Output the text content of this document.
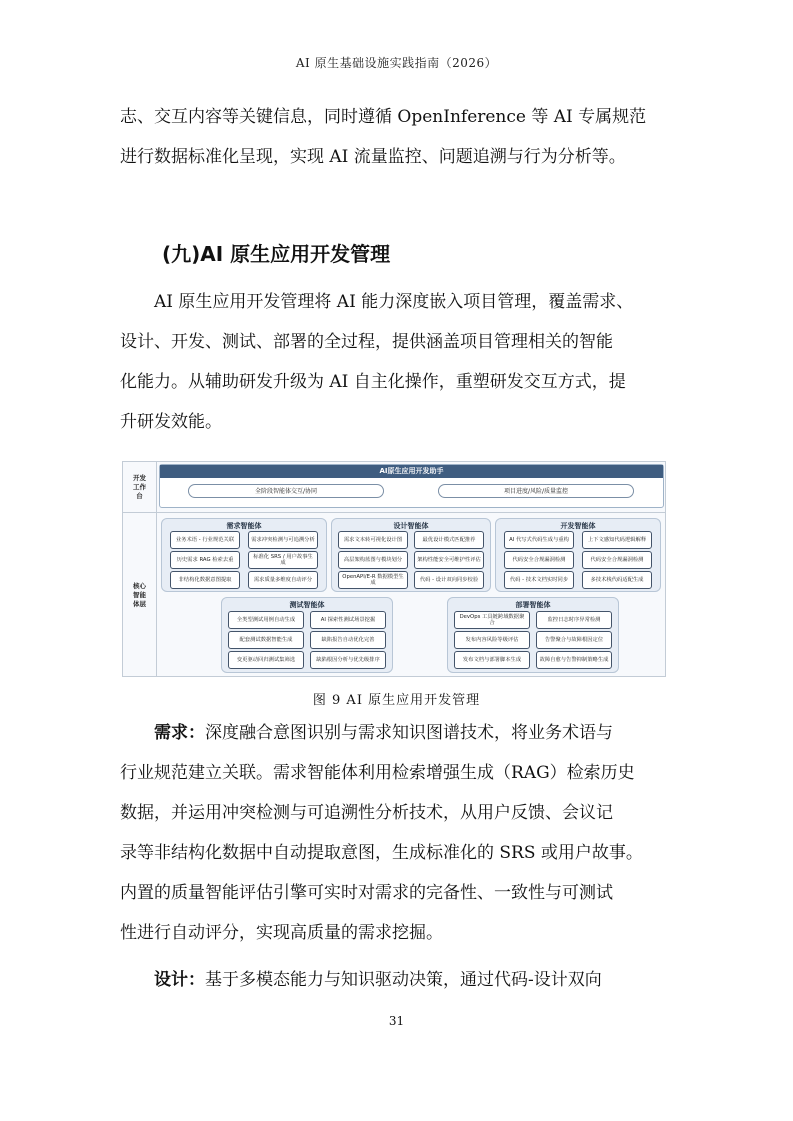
AI 原生基础设施实践指南（2026）

志、交互内容等关键信息，同时遵循 OpenInference 等 AI 专属规范
进行数据标准化呈现，实现 AI 流量监控、问题追溯与行为分析等。

(九)AI 原生应用开发管理

AI 原生应用开发管理将 AI 能力深度嵌入项目管理，覆盖需求、
设计、开发、测试、部署的全过程，提供涵盖项目管理相关的智能
化能力。从辅助研发升级为 AI 自主化操作，重塑研发交互方式，提
升研发效能。

开发
工作
台
核心
智能
体层
AI原生应用开发助手
全阶段智能体交互/协同	项目进度/风险/质量监控
需求智能体
业务术语 - 行业规范关联	需求冲突检测与可追溯分析
历史需求 RAG 检索去重
标准化 SRS / 用户故事生成
非结构化数据意图提取	需求质量多维度自动评分
设计智能体
需求文本转可视化设计图	最优设计模式匹配推荐
高层架构蓝图与模块划分	架构性能安全可维护性评估
OpenAPI/E-R 数据模型生成
代码 - 设计双向同步校验
开发智能体
AI 代写式代码生成与重构	上下文感知代码逻辑解释
代码安全合规漏洞检测	代码安全合规漏洞检测
代码 - 技术文档实时同步	多技术栈代码适配生成
测试智能体
全类型测试用例自动生成	AI 探索性测试场景挖掘
配套测试数据智能生成	缺陷报告自动优化完善
变更驱动回归测试集筛选	缺陷根因分析与优先级排序
部署智能体
DevOps 工具链跨域数据聚合
监控日志时序异常检测
发布内容风险等级评估	告警聚合与故障根因定位
发布文档与部署脚本生成	故障自愈与告警抑制策略生成
图 9 AI 原生应用开发管理

需求：深度融合意图识别与需求知识图谱技术，将业务术语与
行业规范建立关联。需求智能体利用检索增强生成（RAG）检索历史
数据，并运用冲突检测与可追溯性分析技术，从用户反馈、会议记
录等非结构化数据中自动提取意图，生成标准化的 SRS 或用户故事。
内置的质量智能评估引擎可实时对需求的完备性、一致性与可测试
性进行自动评分，实现高质量的需求挖掘。

设计：基于多模态能力与知识驱动决策，通过代码-设计双向

31
